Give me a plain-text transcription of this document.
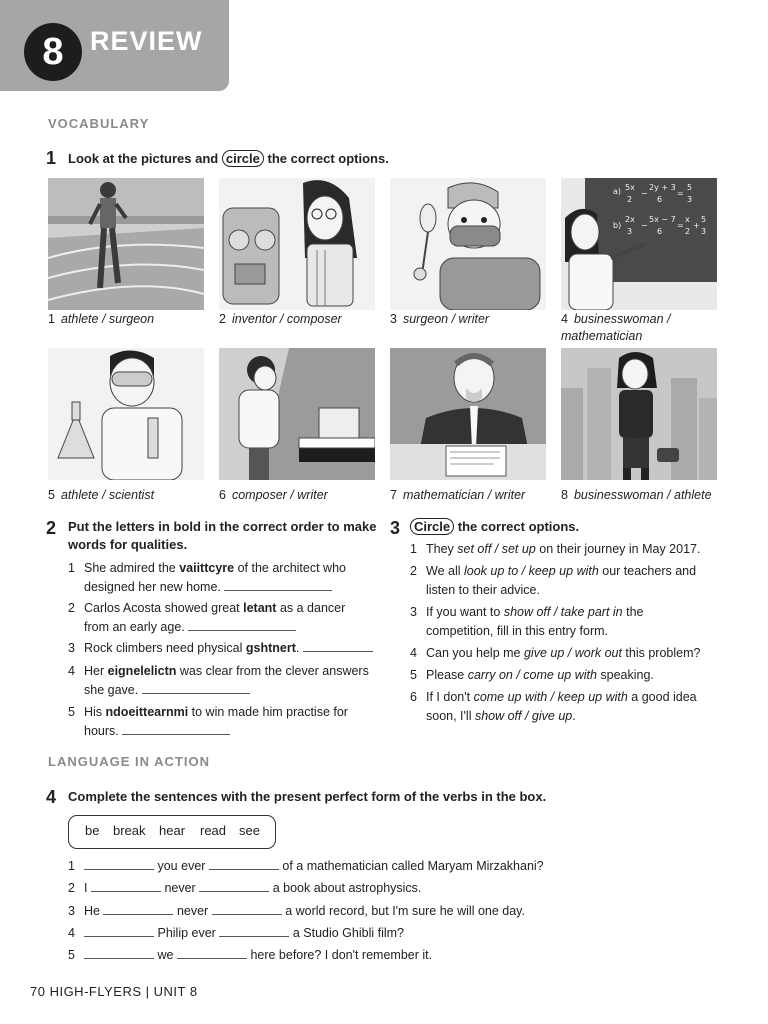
8 REVIEW
VOCABULARY
1 Look at the pictures and circle the correct options.
a) 5x
2
−
2y + 3
6
=
5
3
b)
2x
3
−
5x − 7
6
=
x
2
+
5
3
1 athlete / surgeon	2 inventor / composer	3 surgeon / writer	4 businesswoman / mathematician
5 athlete / scientist	6 composer / writer	7 mathematician / writer	8 businesswoman / athlete
2 Put the letters in bold in the correct order to make
words for qualities.
1 She admired the vaiittcyre of the architect who
designed her new home.
2 Carlos Acosta showed great letant as a dancer
from an early age.
3 Rock climbers need physical gshtnert.
4 Her eignelelictn was clear from the clever answers
she gave.
5 His ndoeittearnmi to win made him practise for
hours.
3	Circle the correct options.
1 They set off / set up on their journey in May 2017.
2 We all look up to / keep up with our teachers and
listen to their advice.
3 If you want to show off / take part in the
competition, fill in this entry form.
4 Can you help me give up / work out this problem?
5 Please carry on / come up with speaking.
6 If I don't come up with / keep up with a good idea
soon, I'll show off / give up.
LANGUAGE IN ACTION
4 Complete the sentences with the present perfect form of the verbs in the box.
be break hear read see
1	you ever	of a mathematician called Maryam Mirzakhani?
2 I	never	a book about astrophysics.
3 He	never	a world record, but I'm sure he will one day.
4	Philip ever	a Studio Ghibli film?
5	we	here before? I don't remember it.
70 HIGH-FLYERS | UNIT 8
